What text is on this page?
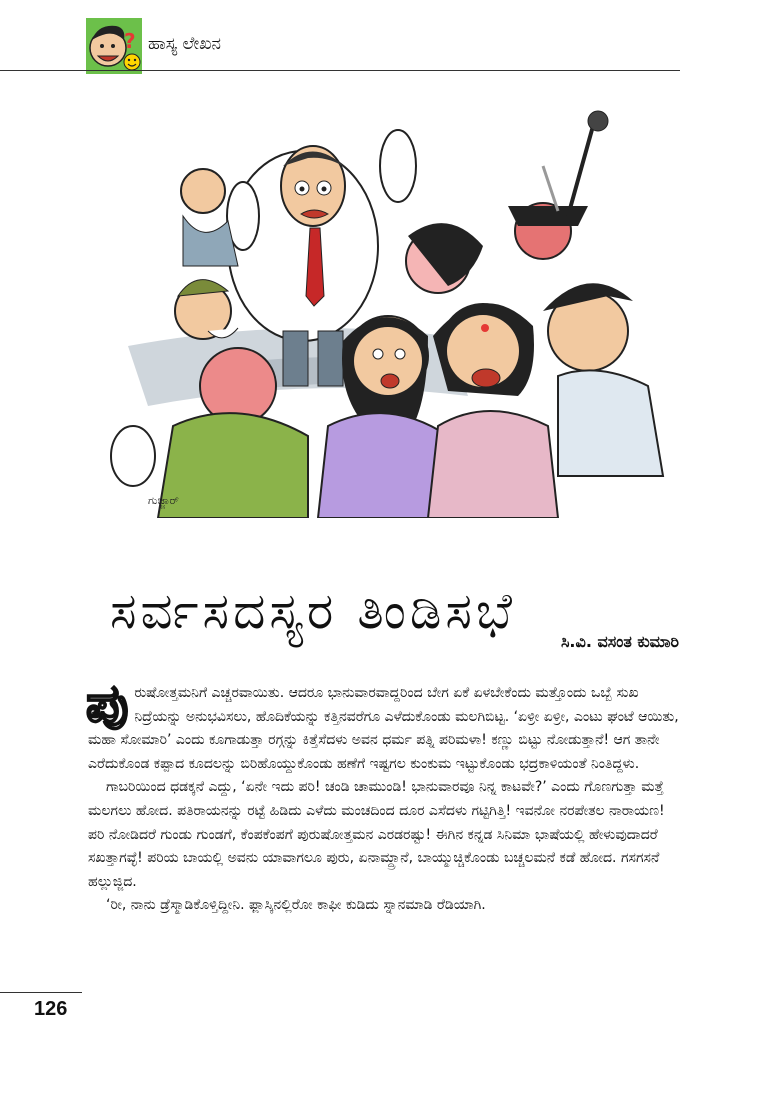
? ಹಾಸ್ಯ ಲೇಖನ
ಗುಜ್ಜಾರ್
ಸರ್ವಸದಸ್ಯರ ತಿಂಡಿಸಭೆ
ಸಿ.ವಿ. ವಸಂತ ಕುಮಾರಿ

ಪುರುಷೋತ್ತಮನಿಗೆ ಎಚ್ಚರವಾಯಿತು. ಆದರೂ ಭಾನುವಾರವಾದ್ದರಿಂದ ಬೇಗ ಏಕೆ ಏಳಬೇಕೆಂದು ಮತ್ತೊಂದು ಒಬ್ಬೆ ಸುಖ ನಿದ್ರೆಯನ್ನು ಅನುಭವಿಸಲು, ಹೊದಿಕೆಯನ್ನು ಕತ್ತಿನವರೆಗೂ ಎಳೆದುಕೊಂಡು ಮಲಗಿಬಿಟ್ಟ. ‘ಏಳ್ರೀ ಏಳ್ರೀ, ಎಂಟು ಘಂಟೆ ಆಯಿತು, ಮಹಾ ಸೋಮಾರಿ’ ಎಂದು ಕೂಗಾಡುತ್ತಾ ರಗ್ಗನ್ನು ಕಿತ್ತೆಸೆದಳು ಅವನ ಧರ್ಮ ಪತ್ನಿ ಪರಿಮಳಾ! ಕಣ್ಣು ಬಿಟ್ಟು ನೋಡುತ್ತಾನೆ! ಆಗ ತಾನೇ ಎರೆದುಕೊಂಡ ಕಪ್ಪಾದ ಕೂದಲನ್ನು ಬಿರಿಹೊಯ್ದುಕೊಂಡು ಹಣೆಗೆ ಇಷ್ಟಗಲ ಕುಂಕುಮ ಇಟ್ಟುಕೊಂಡು ಭದ್ರಕಾಳಿಯಂತೆ ನಿಂತಿದ್ದಳು.

ಗಾಬರಿಯಿಂದ ಧಡಕ್ಕನೆ ಎದ್ದು, ‘ಏನೇ ಇದು ಪರಿ! ಚಂಡಿ ಚಾಮುಂಡಿ! ಭಾನುವಾರವೂ ನಿನ್ನ ಕಾಟವೇ?’ ಎಂದು ಗೊಣಗುತ್ತಾ ಮತ್ತೆ ಮಲಗಲು ಹೋದ. ಪತಿರಾಯನನ್ನು ರಟ್ಟೆ ಹಿಡಿದು ಎಳೆದು ಮಂಚದಿಂದ ದೂರ ಎಸೆದಳು ಗಟ್ಟಿಗಿತ್ತಿ! ಇವನೋ ನರಪೇತಲ ನಾರಾಯಣ! ಪರಿ ನೋಡಿದರೆ ಗುಂಡು ಗುಂಡಗೆ, ಕೆಂಪಕೆಂಪಗೆ ಪುರುಷೋತ್ತಮನ ಎರಡರಷ್ಟು! ಈಗಿನ ಕನ್ನಡ ಸಿನಿಮಾ ಭಾಷೆಯಲ್ಲಿ ಹೇಳುವುದಾದರೆ ಸಖತ್ತಾಗವ್ಳೆ! ಪರಿಯ ಬಾಯಲ್ಲಿ ಅವನು ಯಾವಾಗಲೂ ಪುರು, ಏನಾಮ್ದ್ರಾನೆ, ಬಾಯ್ಮುಚ್ಚಿಕೊಂಡು ಬಚ್ಚಲಮನೆ ಕಡೆ ಹೋದ. ಗಸಗಸನೆ ಹಲ್ಲುಜ್ಜಿದ.

‘ರೀ, ನಾನು ಡ್ರೆಸ್ಮಾಡಿಕೊಳ್ತಿದ್ದೀನಿ. ಫ್ಲಾಸ್ಕಿನಲ್ಲಿರೋ ಕಾಫೀ ಕುಡಿದು ಸ್ನಾನಮಾಡಿ ರೆಡಿಯಾಗಿ.

126
